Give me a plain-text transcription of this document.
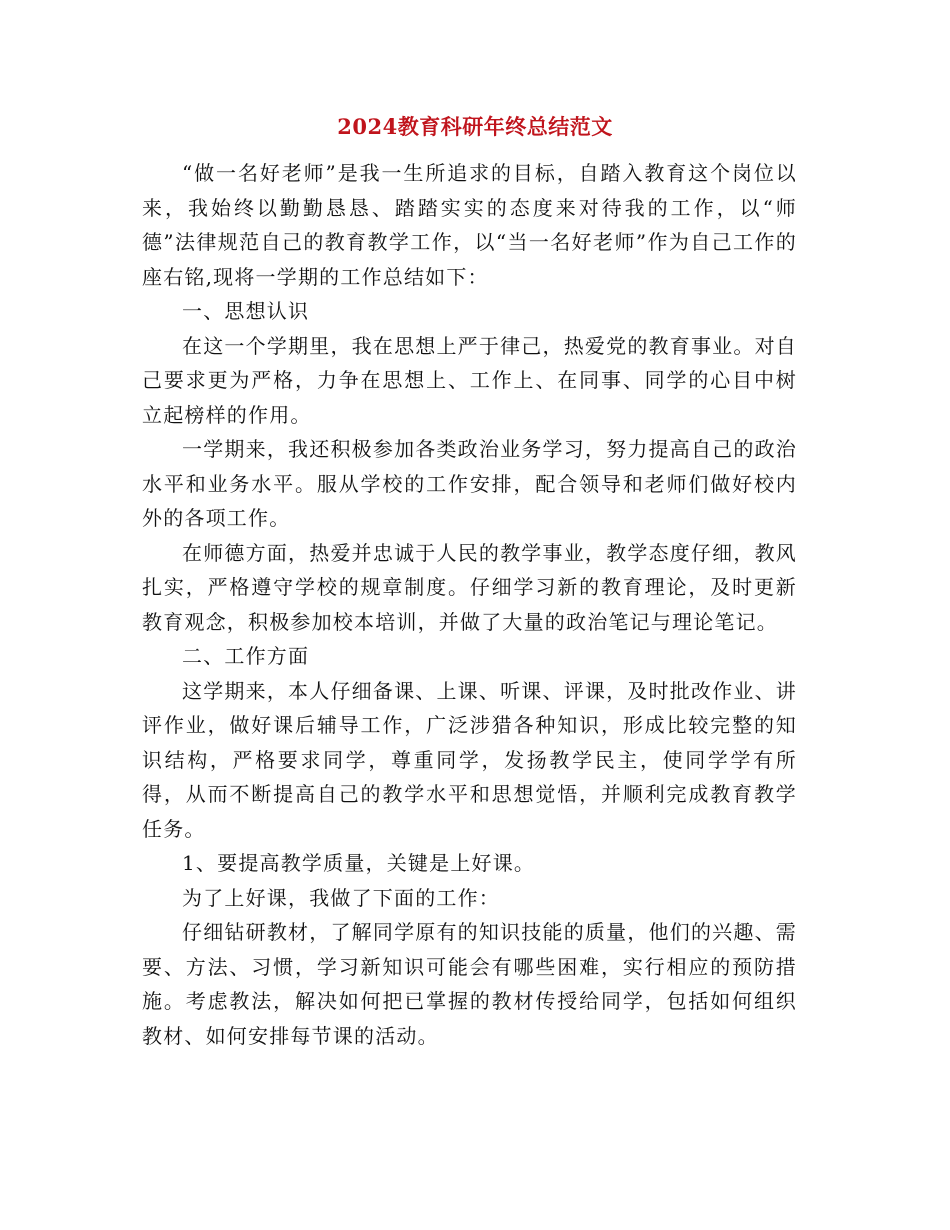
2024教育科研年终总结范文

“做一名好老师”是我一生所追求的目标，自踏入教育这个岗位以来，我始终以勤勤恳恳、踏踏实实的态度来对待我的工作，以“师德”法律规范自己的教育教学工作，以“当一名好老师”作为自己工作的座右铭,现将一学期的工作总结如下：

一、思想认识

在这一个学期里，我在思想上严于律己，热爱党的教育事业。对自己要求更为严格，力争在思想上、工作上、在同事、同学的心目中树立起榜样的作用。

一学期来，我还积极参加各类政治业务学习，努力提高自己的政治水平和业务水平。服从学校的工作安排，配合领导和老师们做好校内外的各项工作。

在师德方面，热爱并忠诚于人民的教学事业，教学态度仔细，教风扎实，严格遵守学校的规章制度。仔细学习新的教育理论，及时更新教育观念，积极参加校本培训，并做了大量的政治笔记与理论笔记。

二、工作方面

这学期来，本人仔细备课、上课、听课、评课，及时批改作业、讲评作业，做好课后辅导工作，广泛涉猎各种知识，形成比较完整的知识结构，严格要求同学，尊重同学，发扬教学民主，使同学学有所得，从而不断提高自己的教学水平和思想觉悟，并顺利完成教育教学任务。

1、要提高教学质量，关键是上好课。

为了上好课，我做了下面的工作：

仔细钻研教材，了解同学原有的知识技能的质量，他们的兴趣、需要、方法、习惯，学习新知识可能会有哪些困难，实行相应的预防措施。考虑教法，解决如何把已掌握的教材传授给同学，包括如何组织教材、如何安排每节课的活动。
